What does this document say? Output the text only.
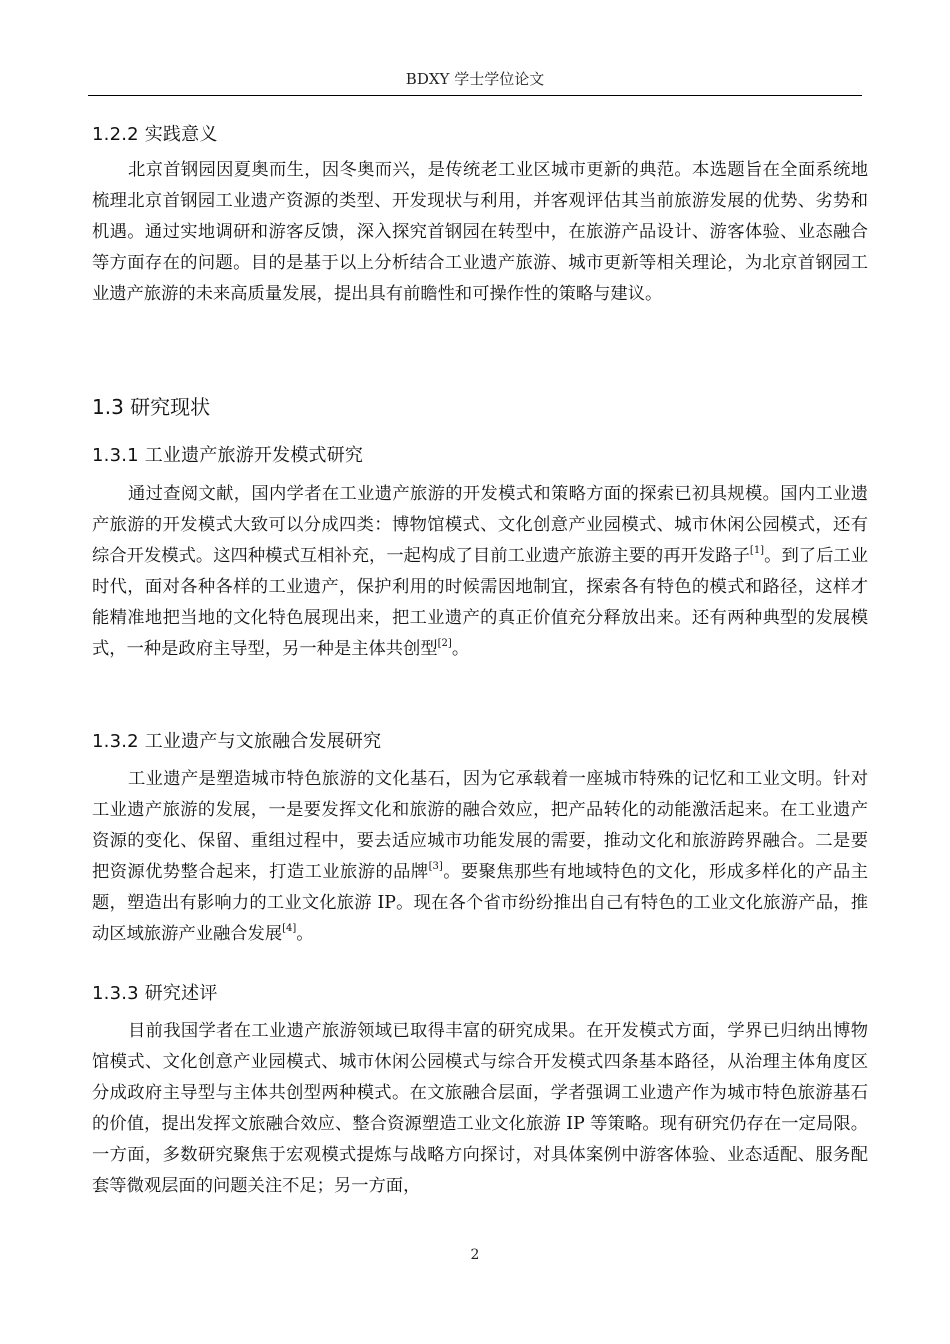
BDXY 学士学位论文
1.2.2 实践意义

北京首钢园因夏奥而生，因冬奥而兴，是传统老工业区城市更新的典范。本选题旨在全面系统地梳理北京首钢园工业遗产资源的类型、开发现状与利用，并客观评估其当前旅游发展的优势、劣势和机遇。通过实地调研和游客反馈，深入探究首钢园在转型中，在旅游产品设计、游客体验、业态融合等方面存在的问题。目的是基于以上分析结合工业遗产旅游、城市更新等相关理论，为北京首钢园工业遗产旅游的未来高质量发展，提出具有前瞻性和可操作性的策略与建议。

1.3 研究现状
1.3.1 工业遗产旅游开发模式研究

通过查阅文献，国内学者在工业遗产旅游的开发模式和策略方面的探索已初具规模。国内工业遗产旅游的开发模式大致可以分成四类：博物馆模式、文化创意产业园模式、城市休闲公园模式，还有综合开发模式。这四种模式互相补充，一起构成了目前工业遗产旅游主要的再开发路子[1]。到了后工业时代，面对各种各样的工业遗产，保护利用的时候需因地制宜，探索各有特色的模式和路径，这样才能精准地把当地的文化特色展现出来，把工业遗产的真正价值充分释放出来。还有两种典型的发展模式，一种是政府主导型，另一种是主体共创型[2]。

1.3.2 工业遗产与文旅融合发展研究

工业遗产是塑造城市特色旅游的文化基石，因为它承载着一座城市特殊的记忆和工业文明。针对工业遗产旅游的发展，一是要发挥文化和旅游的融合效应，把产品转化的动能激活起来。在工业遗产资源的变化、保留、重组过程中，要去适应城市功能发展的需要，推动文化和旅游跨界融合。二是要把资源优势整合起来，打造工业旅游的品牌[3]。要聚焦那些有地域特色的文化，形成多样化的产品主题，塑造出有影响力的工业文化旅游 IP。现在各个省市纷纷推出自己有特色的工业文化旅游产品，推动区域旅游产业融合发展[4]。

1.3.3 研究述评

目前我国学者在工业遗产旅游领域已取得丰富的研究成果。在开发模式方面，学界已归纳出博物馆模式、文化创意产业园模式、城市休闲公园模式与综合开发模式四条基本路径，从治理主体角度区分成政府主导型与主体共创型两种模式。在文旅融合层面，学者强调工业遗产作为城市特色旅游基石的价值，提出发挥文旅融合效应、整合资源塑造工业文化旅游 IP 等策略。现有研究仍存在一定局限。一方面，多数研究聚焦于宏观模式提炼与战略方向探讨，对具体案例中游客体验、业态适配、服务配套等微观层面的问题关注不足；另一方面，

2
